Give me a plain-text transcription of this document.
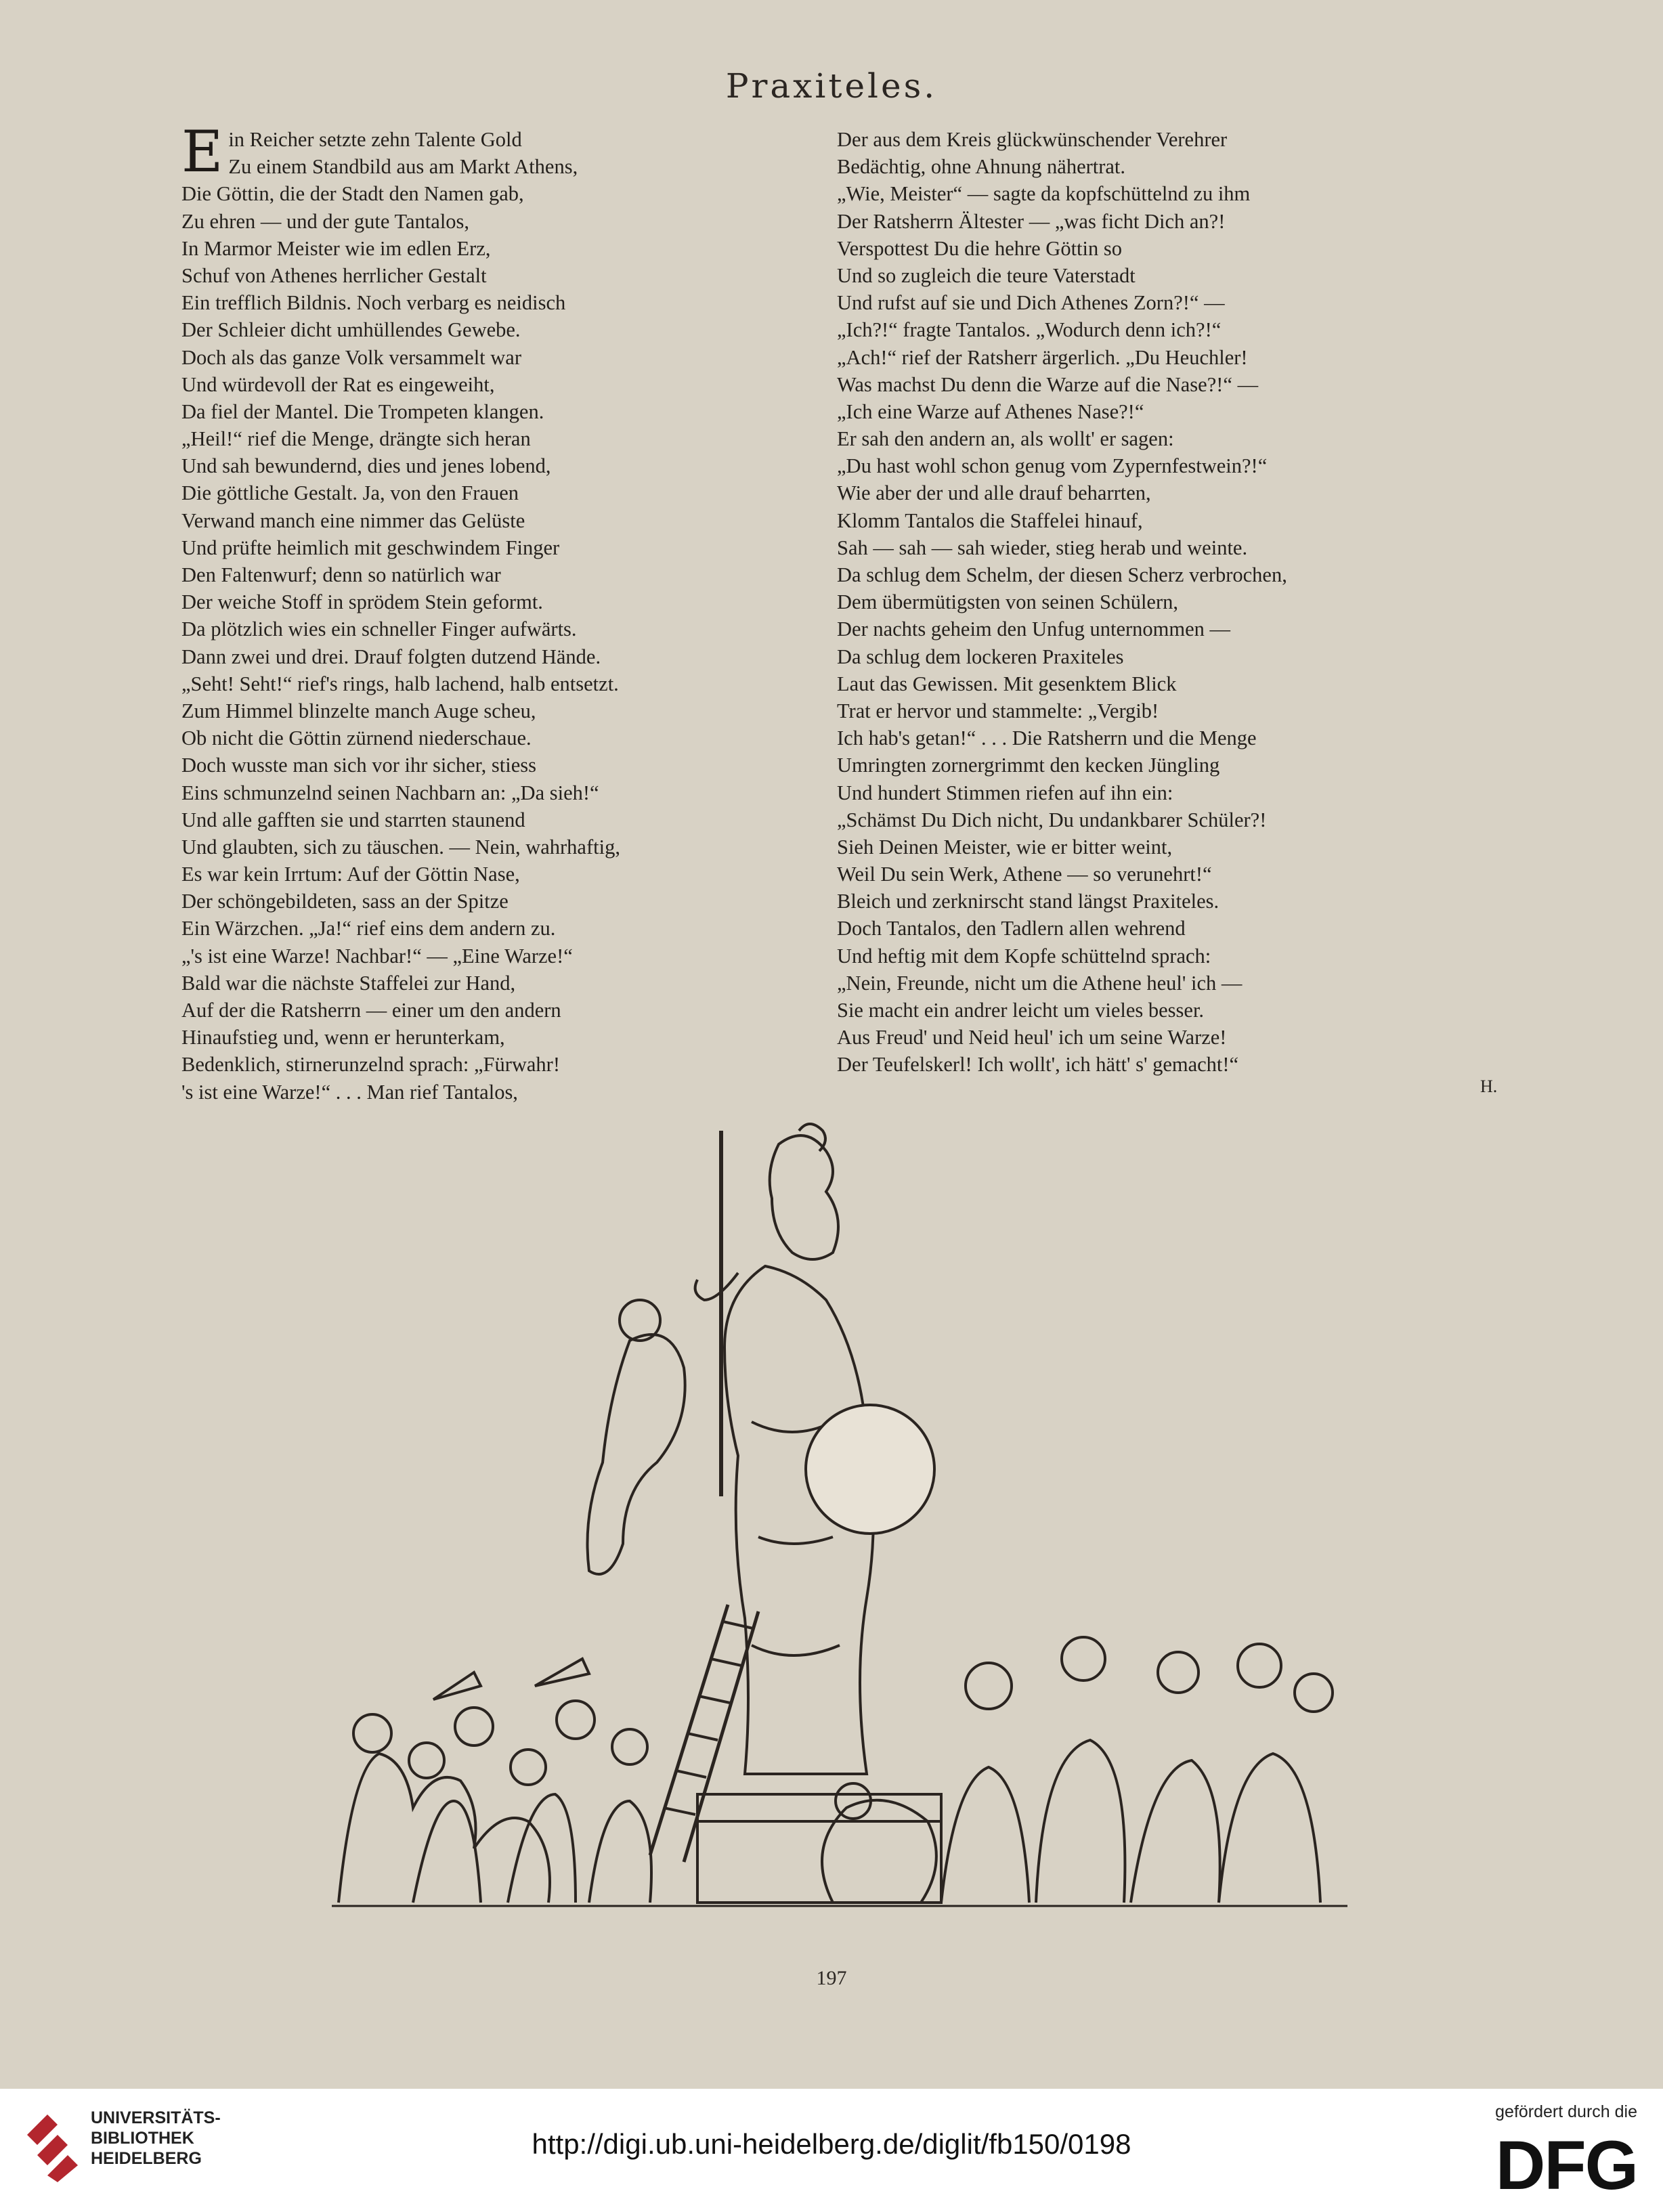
Praxiteles.
Ein Reicher setzte zehn Talente Gold
Zu einem Standbild aus am Markt Athens,
Die Göttin, die der Stadt den Namen gab,
Zu ehren — und der gute Tantalos,
In Marmor Meister wie im edlen Erz,
Schuf von Athenes herrlicher Gestalt
Ein trefflich Bildnis. Noch verbarg es neidisch
Der Schleier dicht umhüllendes Gewebe.
Doch als das ganze Volk versammelt war
Und würdevoll der Rat es eingeweiht,
Da fiel der Mantel. Die Trompeten klangen.
„Heil!“ rief die Menge, drängte sich heran
Und sah bewundernd, dies und jenes lobend,
Die göttliche Gestalt. Ja, von den Frauen
Verwand manch eine nimmer das Gelüste
Und prüfte heimlich mit geschwindem Finger
Den Faltenwurf; denn so natürlich war
Der weiche Stoff in sprödem Stein geformt.
Da plötzlich wies ein schneller Finger aufwärts.
Dann zwei und drei. Drauf folgten dutzend Hände.
„Seht! Seht!“ rief's rings, halb lachend, halb entsetzt.
Zum Himmel blinzelte manch Auge scheu,
Ob nicht die Göttin zürnend niederschaue.
Doch wusste man sich vor ihr sicher, stiess
Eins schmunzelnd seinen Nachbarn an: „Da sieh!“
Und alle gafften sie und starrten staunend
Und glaubten, sich zu täuschen. — Nein, wahrhaftig,
Es war kein Irrtum: Auf der Göttin Nase,
Der schöngebildeten, sass an der Spitze
Ein Wärzchen. „Ja!“ rief eins dem andern zu.
„'s ist eine Warze! Nachbar!“ — „Eine Warze!“
Bald war die nächste Staffelei zur Hand,
Auf der die Ratsherrn — einer um den andern
Hinaufstieg und, wenn er herunterkam,
Bedenklich, stirnerunzelnd sprach: „Fürwahr!
's ist eine Warze!“ . . . Man rief Tantalos,
Der aus dem Kreis glückwünschender Verehrer
Bedächtig, ohne Ahnung nähertrat.
„Wie, Meister“ — sagte da kopfschüttelnd zu ihm
Der Ratsherrn Ältester — „was ficht Dich an?!
Verspottest Du die hehre Göttin so
Und so zugleich die teure Vaterstadt
Und rufst auf sie und Dich Athenes Zorn?!“ —
„Ich?!“ fragte Tantalos. „Wodurch denn ich?!“
„Ach!“ rief der Ratsherr ärgerlich. „Du Heuchler!
Was machst Du denn die Warze auf die Nase?!“ —
„Ich eine Warze auf Athenes Nase?!“
Er sah den andern an, als wollt' er sagen:
„Du hast wohl schon genug vom Zypernfestwein?!“
Wie aber der und alle drauf beharrten,
Klomm Tantalos die Staffelei hinauf,
Sah — sah — sah wieder, stieg herab und weinte.
Da schlug dem Schelm, der diesen Scherz verbrochen,
Dem übermütigsten von seinen Schülern,
Der nachts geheim den Unfug unternommen —
Da schlug dem lockeren Praxiteles
Laut das Gewissen. Mit gesenktem Blick
Trat er hervor und stammelte: „Vergib!
Ich hab's getan!“ . . . Die Ratsherrn und die Menge
Umringten zornergrimmt den kecken Jüngling
Und hundert Stimmen riefen auf ihn ein:
„Schämst Du Dich nicht, Du undankbarer Schüler?!
Sieh Deinen Meister, wie er bitter weint,
Weil Du sein Werk, Athene — so verunehrt!“
Bleich und zerknirscht stand längst Praxiteles.
Doch Tantalos, den Tadlern allen wehrend
Und heftig mit dem Kopfe schüttelnd sprach:
„Nein, Freunde, nicht um die Athene heul' ich —
Sie macht ein andrer leicht um vieles besser.
Aus Freud' und Neid heul' ich um seine Warze!
Der Teufelskerl! Ich wollt', ich hätt' s' gemacht!“
H.
197
UNIVERSITÄTS-
BIBLIOTHEK
HEIDELBERG	http://digi.ub.uni-heidelberg.de/diglit/fb150/0198
gefördert durch die
DFG
